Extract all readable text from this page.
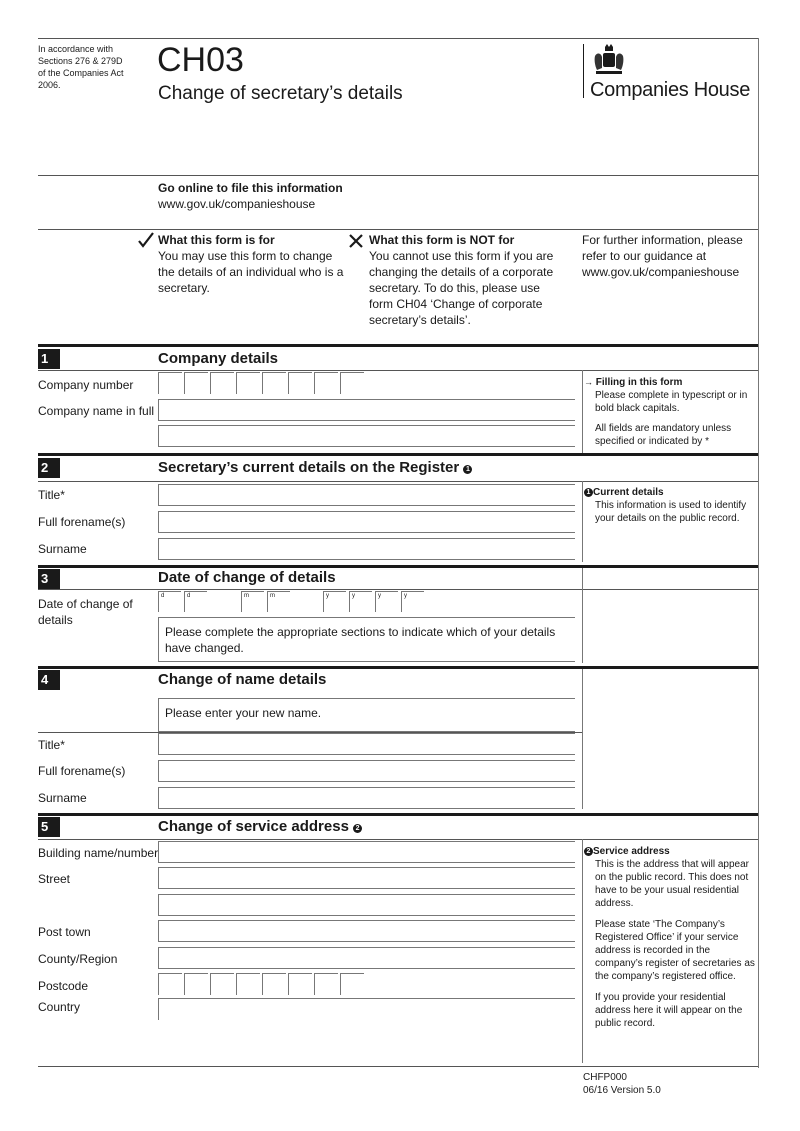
In accordance with Sections 276 & 279D of the Companies Act 2006.
CH03
Change of secretary’s details	Companies House
Go online to file this information
www.gov.uk/companieshouse
What this form is for
You may use this form to change the details of an individual who is a secretary.
What this form is NOT for
You cannot use this form if you are changing the details of a corporate secretary. To do this, please use form CH04 ‘Change of corporate secretary’s details’.
For further information, please refer to our guidance at www.gov.uk/companieshouse
1	Company details
Company number
Company name in full
→ Filling in this form
Please complete in typescript or in bold black capitals.
All fields are mandatory unless specified or indicated by *
2	Secretary’s current details on the Register 1
Title*
Full forename(s)
Surname
1 Current details
This information is used to identify your details on the public record.
3	Date of change of details
Date of change of details
d	d	m	m	y	y	y	y
Please complete the appropriate sections to indicate which of your details have changed.
4	Change of name details
Please enter your new name.
Title*
Full forename(s)
Surname
5	Change of service address 2
Building name/number
Street
Post town
County/Region
Postcode
Country
2 Service address
This is the address that will appear on the public record. This does not have to be your usual residential address.
Please state ‘The Company’s Registered Office’ if your service address is recorded in the company’s register of secretaries as the company’s registered office.
If you provide your residential address here it will appear on the public record.
CHFP000
06/16 Version 5.0
